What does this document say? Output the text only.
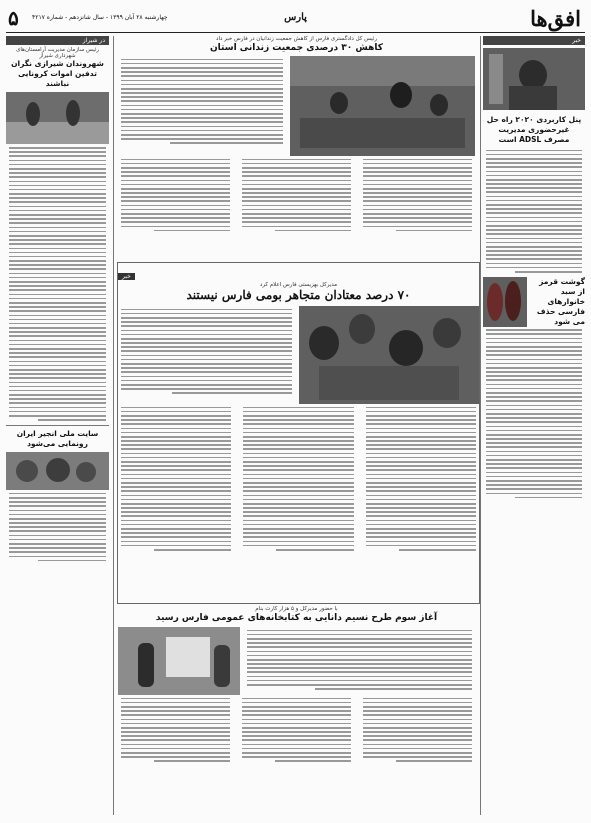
۵ چهارشنبه ۲۸ آبان ۱۳۹۹ - سال شانزدهم - شماره ۴۲۱۷	پارس	افق‌ها
خبر
پنل کاربردی ۲۰۲۰ راه حل غیرحضوری مدیریت مصرف ADSL است
گوشت قرمز از سبد خانوارهای فارسی حذف می شود
رئیس کل دادگستری فارس از کاهش جمعیت زندانیان در فارس خبر داد
کاهش ۳۰ درصدی جمعیت زندانی استان
خبر
مدیرکل بهزیستی فارس اعلام کرد
۷۰ درصد معتادان متجاهر بومی فارس نیستند
با حضور مدیرکل و ۵ هزار کارت بنام
آغاز سوم طرح نسیم دانایی به کتابخانه‌های عمومی فارس رسید
در شیراز
رئیس سازمان مدیریت آرامستان‌های شهرداری شیراز
شهروندان شیرازی نگران تدفین اموات کرونایی نباشند
سایت ملی انجیر ایران رونمایی می‌شود
